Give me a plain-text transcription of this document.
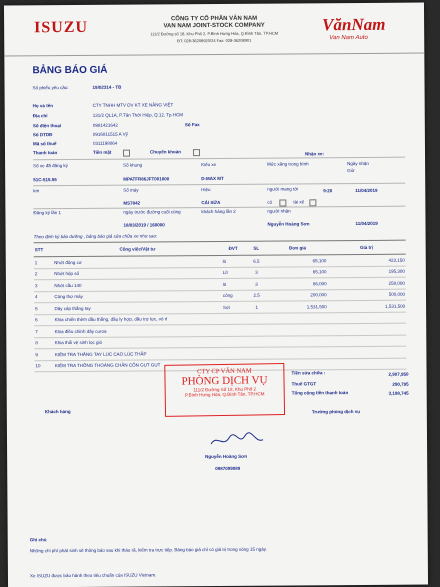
ISUZU	CÔNG TY CỔ PHẦN VĂN NAM
VAN NAM JOINT-STOCK COMPANY
111/2 Đường số 18, Khu Phố 2, P.Bình Hưng Hòa, Q.Bình Tân, TP.HCM
ĐT: 028-36208920/24 Fax: 028-36208901
VănNam
Van Nam Auto
BẢNG BÁO GIÁ
Số phiếu yêu cầu:	19/02314 - TB
Họ và tên	CTY TNHH MTV DV KT XE NÂNG VIỆT
Địa chỉ	131/2 QL1A, P.Tân Thới Hiệp, Q.12, Tp.HCM
Số điện thoại	0981421642	Số Fax
Số DTDĐ	0916811515 A Vỹ
Mã số thuế	0311198064
Thanh toán	Tiền mặt	Chuyển khoản	Nhận xe:
Số xe đã đăng ký	Số khung	Kiểu xe	Mức xăng trong bình	Ngày nhận
Giờ
51C-515.55	MPATFR86JFT001800	D-MAX MT
km	Số máy	Hiệu	người mang tới	9:20	11/04/2019
MS7842	CẢI SỬA	có	tài xế
Đăng ký lần 1	ngày trước đường cuối cùng	khách hàng lần 2	người nhận
18/03/2019 / 160000	Nguyễn Hoàng Sơn	11/04/2019
Theo định kỳ bảo dưỡng , bảng báo giá sửa chữa xe như sau:
STT	Công việc/Vật tư	ĐVT	SL	Đơn giá	Giá trị
1	Nhớt động cơ	lit	6.5	65,100	423,150
2	Nhớt hộp số	Lít	3	65,100	195,300
3	Nhớt cầu 140	lit	3	86,000	258,000
4	Công thợ máy	công	2.5	200,000	500,000
5	Dây cáp thắng tay	Sợi	1	1,531,500	1,531,500
6	Khia chiến thêm dầu thắng, dầu ly hợp, dầu trợ lực, vỏ rỉ				
7	Khia điều chỉnh dây curoa				
8	Khia thổi vệ sinh lọc gió				
9	KIỂM TRA THẮNG TAY LÚC CAO LÚC THẤP				
10	KIỂM TRA THÔNG THOÁNG CHÂN CÔN GỤT GỤT				
CTY CP VĂN NAM
PHÒNG DỊCH VỤ
111/2 Đường Số 18, Khu Phố 2
P.Bình Hưng Hòa, Q.Bình Tân, TP.HCM
Tiền sửa chữa :	2,907,950
Thuế GTGT	290,795
Tổng cộng tiền thanh toán	3,198,745
Khách hàng	Trưởng phòng dịch vụ
Nguyễn Hoàng Sơn
0987099089
Ghi chú
Những chi phí phát sinh sẽ thông báo sau khi tháo rã, kiểm tra trực tiếp. Bảng báo giá chỉ có giá trị trong vòng 15 ngày.
Xe ISUZU được bảo hành theo tiêu chuẩn của ISUZU Vietnam.
